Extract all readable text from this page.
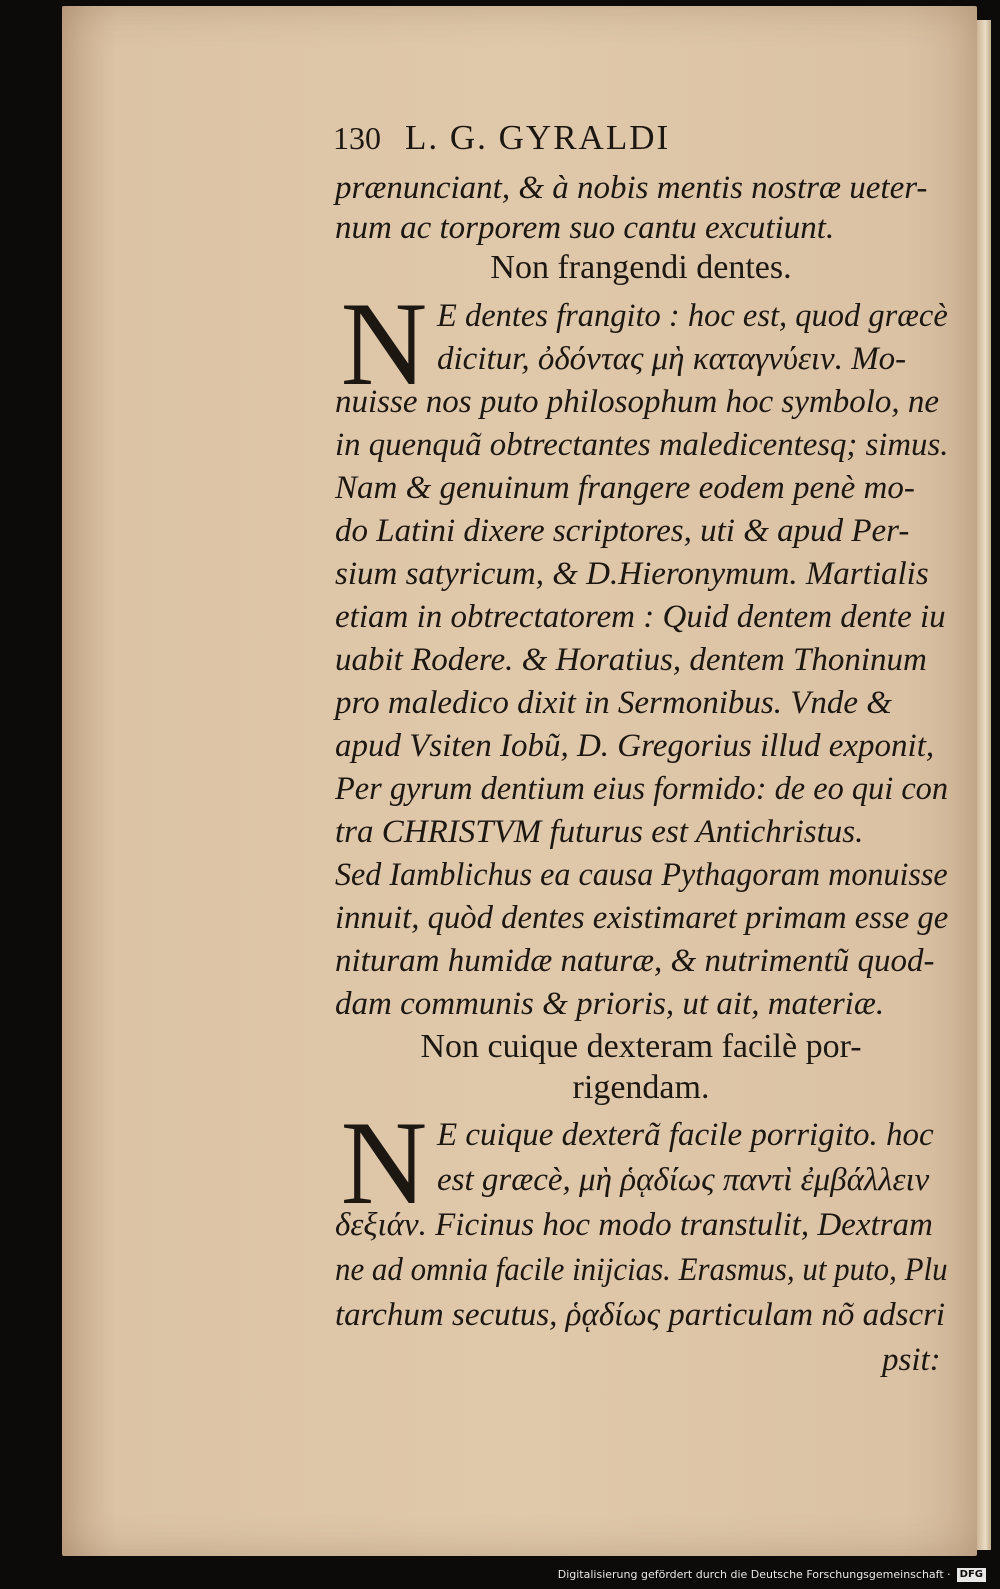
130 L. G. GYRALDI
prænunciant, & à nobis mentis nostræ ueter-
num ac torporem suo cantu excutiunt.
Non frangendi dentes.
N E dentes frangito : hoc est, quod græcè
dicitur, ὀδόντας μὴ καταγνύειν. Mo-
nuisse nos puto philosophum hoc symbolo, ne
in quenquã obtrectantes maledicentesq; simus.
Nam & genuinum frangere eodem penè mo-
do Latini dixere scriptores, uti & apud Per-
sium satyricum, & D.Hieronymum. Martialis
etiam in obtrectatorem : Quid dentem dente iu
uabit Rodere. & Horatius, dentem Thoninum
pro maledico dixit in Sermonibus. Vnde &
apud Vsiten Iobũ, D. Gregorius illud exponit,
Per gyrum dentium eius formido: de eo qui con
tra CHRISTVM futurus est Antichristus.
Sed Iamblichus ea causa Pythagoram monuisse
innuit, quòd dentes existimaret primam esse ge
nituram humidæ naturæ, & nutrimentũ quod-
dam communis & prioris, ut ait, materiæ.
Non cuique dexteram facilè por-
rigendam.
N E cuique dexterã facile porrigito. hoc
est græcè, μὴ ῥᾳδίως παντὶ ἐμβάλλειν
δεξιάν. Ficinus hoc modo transtulit, Dextram
ne ad omnia facile inijcias. Erasmus, ut puto, Plu
tarchum secutus, ῥᾳδίως particulam nõ adscri
psit:
Digitalisierung gefördert durch die Deutsche Forschungsgemeinschaft · DFG
